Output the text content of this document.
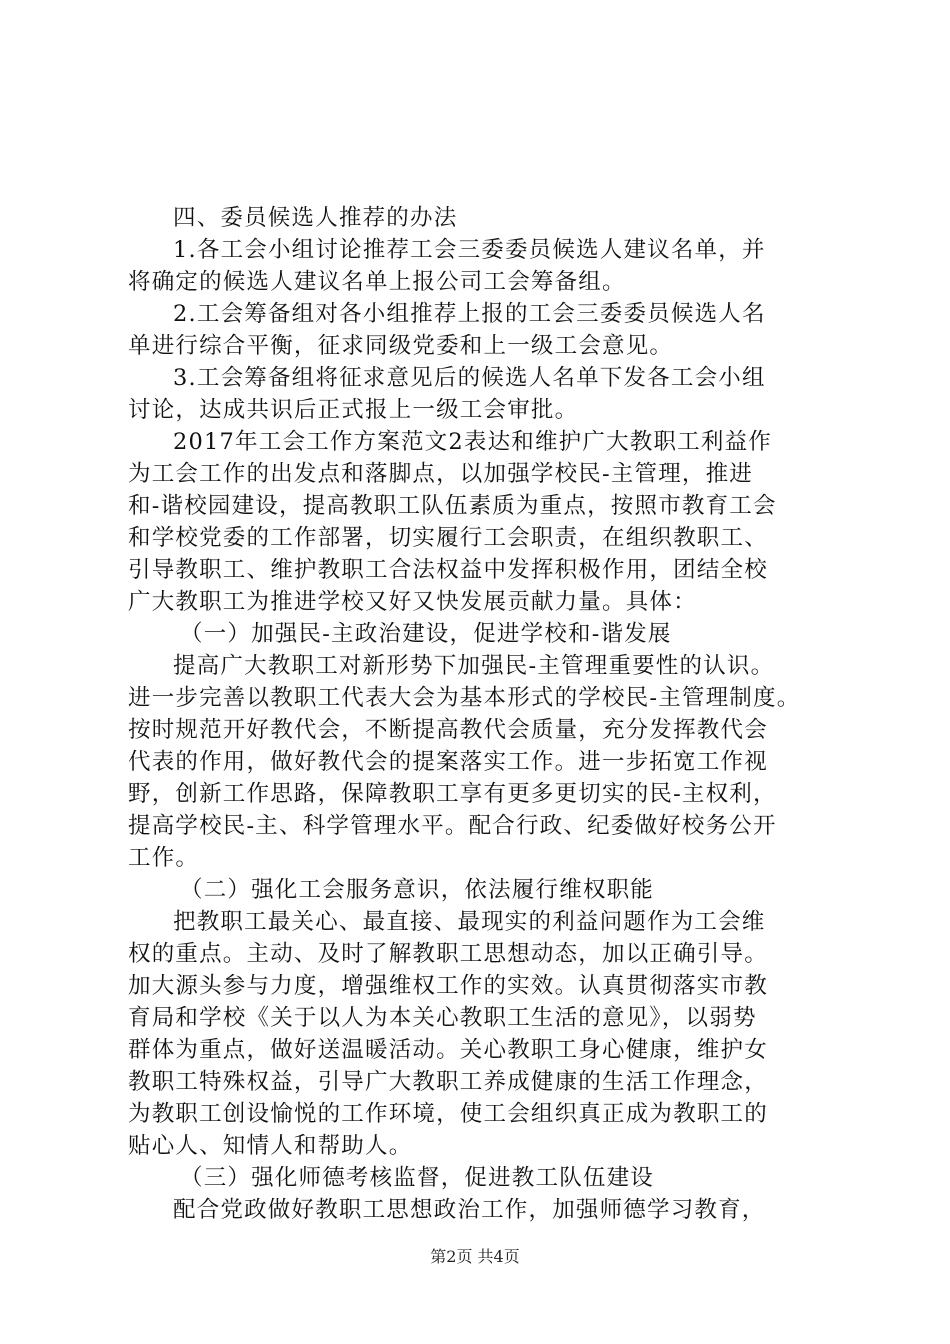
四、委员候选人推荐的办法
1.各工会小组讨论推荐工会三委委员候选人建议名单，并
将确定的候选人建议名单上报公司工会筹备组。
2.工会筹备组对各小组推荐上报的工会三委委员候选人名
单进行综合平衡，征求同级党委和上一级工会意见。
3.工会筹备组将征求意见后的候选人名单下发各工会小组
讨论，达成共识后正式报上一级工会审批。
2017年工会工作方案范文2表达和维护广大教职工利益作
为工会工作的出发点和落脚点，以加强学校民-主管理，推进
和-谐校园建设，提高教职工队伍素质为重点，按照市教育工会
和学校党委的工作部署，切实履行工会职责，在组织教职工、
引导教职工、维护教职工合法权益中发挥积极作用，团结全校
广大教职工为推进学校又好又快发展贡献力量。具体：
（一）加强民-主政治建设，促进学校和-谐发展
提高广大教职工对新形势下加强民-主管理重要性的认识。
进一步完善以教职工代表大会为基本形式的学校民-主管理制度。
按时规范开好教代会，不断提高教代会质量，充分发挥教代会
代表的作用，做好教代会的提案落实工作。进一步拓宽工作视
野，创新工作思路，保障教职工享有更多更切实的民-主权利，
提高学校民-主、科学管理水平。配合行政、纪委做好校务公开
工作。
（二）强化工会服务意识，依法履行维权职能
把教职工最关心、最直接、最现实的利益问题作为工会维
权的重点。主动、及时了解教职工思想动态，加以正确引导。
加大源头参与力度，增强维权工作的实效。认真贯彻落实市教
育局和学校《关于以人为本关心教职工生活的意见》，以弱势
群体为重点，做好送温暖活动。关心教职工身心健康，维护女
教职工特殊权益，引导广大教职工养成健康的生活工作理念，
为教职工创设愉悦的工作环境，使工会组织真正成为教职工的
贴心人、知情人和帮助人。
（三）强化师德考核监督，促进教工队伍建设
配合党政做好教职工思想政治工作，加强师德学习教育，
第2页 共4页
